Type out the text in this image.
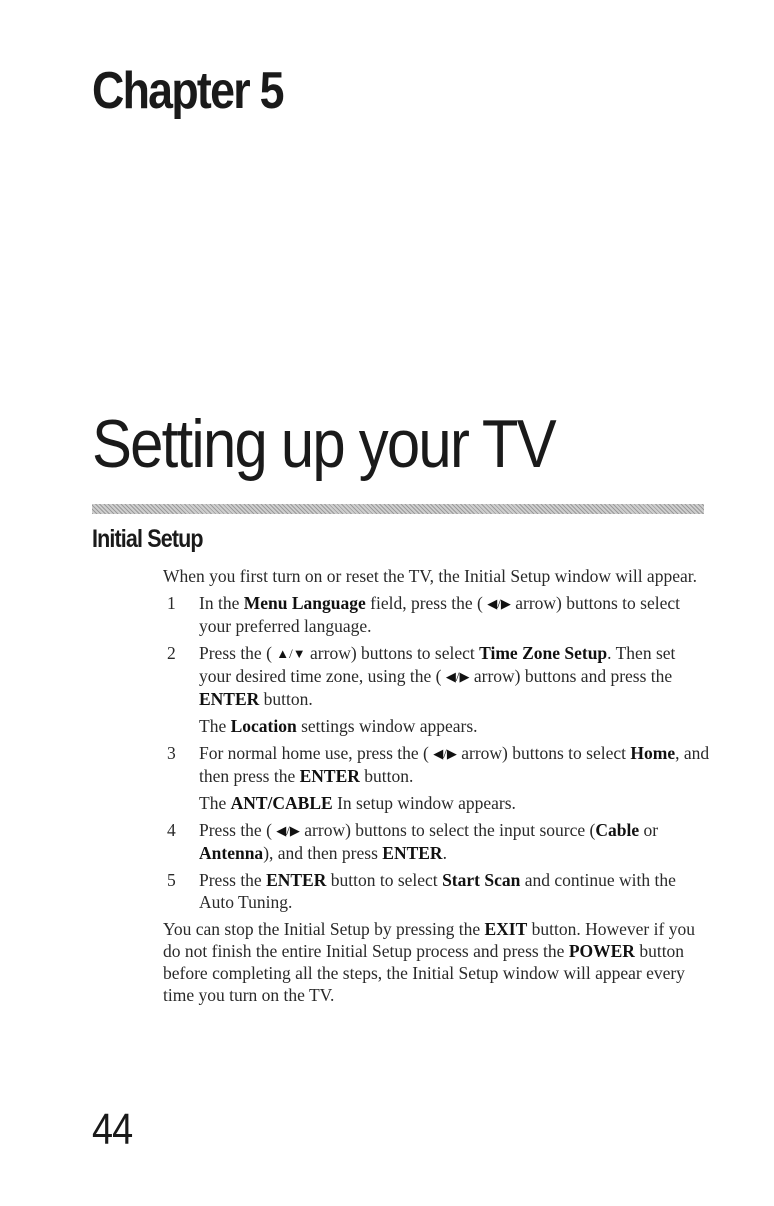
Chapter 5
Setting up your TV
Initial Setup

When you first turn on or reset the TV, the Initial Setup window will appear.

1 In the Menu Language field, press the ( ◀/▶ arrow) buttons to select your preferred language.
2 Press the ( ▲/▼ arrow) buttons to select Time Zone Setup. Then set your desired time zone, using the ( ◀/▶ arrow) buttons and press the ENTER button.

The Location settings window appears.

3 For normal home use, press the ( ◀/▶ arrow) buttons to select Home, and then press the ENTER button.

The ANT/CABLE In setup window appears.

4 Press the ( ◀/▶ arrow) buttons to select the input source (Cable or Antenna), and then press ENTER.
5 Press the ENTER button to select Start Scan and continue with the Auto Tuning.

You can stop the Initial Setup by pressing the EXIT button. However if you do not finish the entire Initial Setup process and press the POWER button before completing all the steps, the Initial Setup window will appear every time you turn on the TV.

44
